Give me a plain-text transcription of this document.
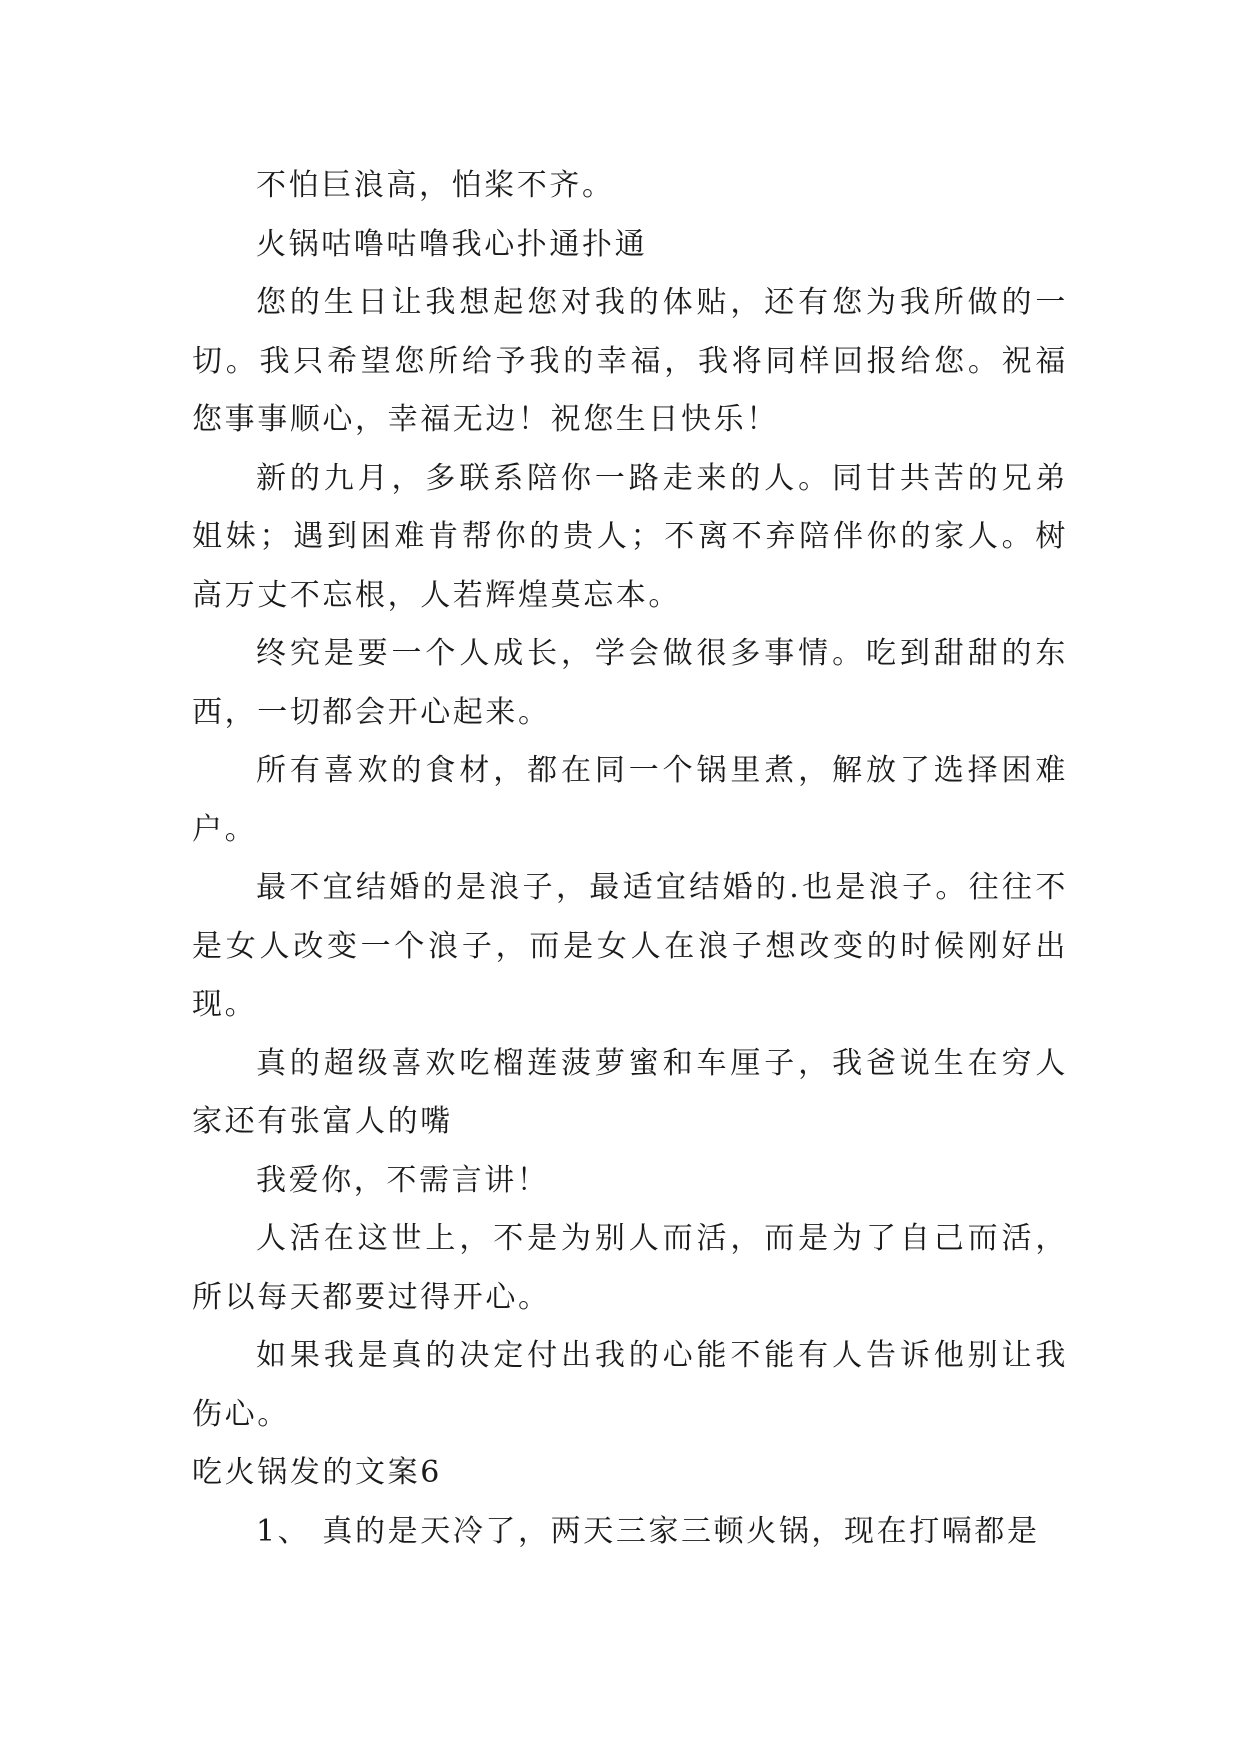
不怕巨浪高，怕桨不齐。

火锅咕噜咕噜我心扑通扑通

您的生日让我想起您对我的体贴，还有您为我所做的一切。我只希望您所给予我的幸福，我将同样回报给您。祝福您事事顺心，幸福无边！祝您生日快乐！

新的九月，多联系陪你一路走来的人。同甘共苦的兄弟姐妹；遇到困难肯帮你的贵人；不离不弃陪伴你的家人。树高万丈不忘根，人若辉煌莫忘本。

终究是要一个人成长，学会做很多事情。吃到甜甜的东西，一切都会开心起来。

所有喜欢的食材，都在同一个锅里煮，解放了选择困难户。

最不宜结婚的是浪子，最适宜结婚的.也是浪子。往往不是女人改变一个浪子，而是女人在浪子想改变的时候刚好出现。

真的超级喜欢吃榴莲菠萝蜜和车厘子，我爸说生在穷人家还有张富人的嘴

我爱你，不需言讲！

人活在这世上，不是为别人而活，而是为了自己而活，所以每天都要过得开心。

如果我是真的决定付出我的心能不能有人告诉他别让我伤心。

吃火锅发的文案6

1、 真的是天冷了，两天三家三顿火锅，现在打嗝都是
